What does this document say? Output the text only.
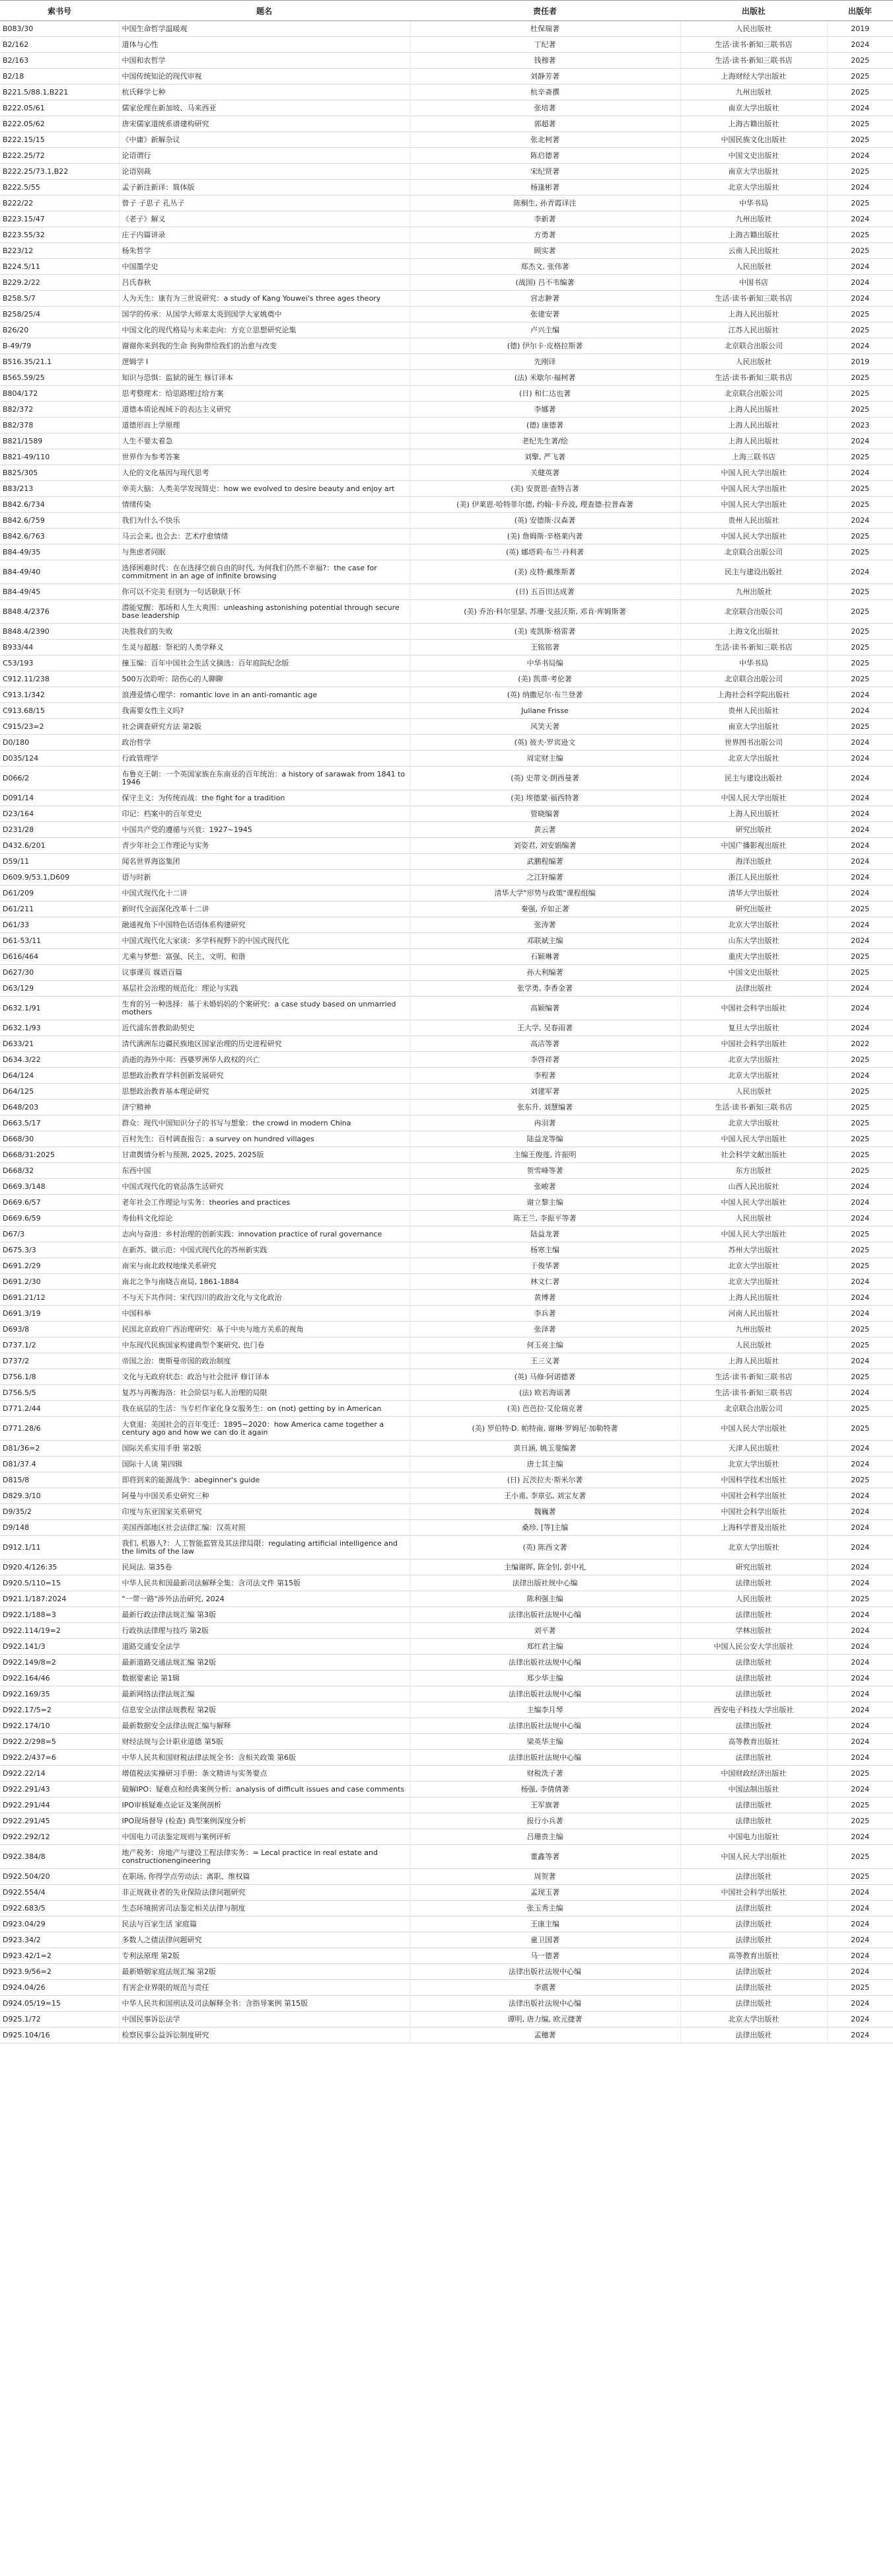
索书号	题名	责任者	出版社	出版年
B083/30	中国生命哲学温暖观	杜保瑞著	人民出版社	2019
B2/162	道体与心性	丁纪著	生活·读书·新知三联书店	2024
B2/163	中国和农哲学	钱穆著	生活·读书·新知三联书店	2025
B2/18	中国传统知论的现代审视	刘静芳著	上海财经大学出版社	2025
B221.5/88.1,B221	杭氏释学七种	杭辛斋撰	九州出版社	2025
B222.05/61	儒家伦理在新加坡、马来西亚	张培著	南京大学出版社	2024
B222.05/62	唐宋儒家道统系谱建构研究	郭超著	上海古籍出版社	2025
B222.15/15	《中庸》新解杂议	张北柯著	中国民族文化出版社	2025
B222.25/72	论语谓行	陈启德著	中国文史出版社	2024
B222.25/73.1,B22	论语别裁	宋纪贤著	南京大学出版社	2025
B222.5/55	孟子新注新译：简体版	杨逢彬著	北京大学出版社	2024
B222/22	曾子 子思子 孔丛子	陈桐生, 孙青霞译注	中华书局	2025
B223.15/47	《老子》解义	李新著	九州出版社	2024
B223.55/32	庄子内篇讲录	方勇著	上海古籍出版社	2025
B223/12	杨朱哲学	顾实著	云南人民出版社	2025
B224.5/11	中国墨学史	郑杰文, 张伟著	人民出版社	2024
B229.2/22	吕氏春秋	(战国) 吕不韦编著	中国书店	2024
B258.5/7	人为天生：康有为三世说研究：a study of Kang Youwei's three ages theory	宫志翀著	生活·读书·新知三联书店	2024
B258/25/4	国学的传承：从国学大师章太炎到国学大家姚奠中	张建安著	上海人民出版社	2025
B26/20	中国文化的现代格局与未来走向：方克立思想研究论集	卢兴主编	江苏人民出版社	2025
B-49/79	谢谢你来到我的生命 狗狗带给我们的治愈与改变	(德) 伊尔卡·皮格拉斯著	北京联合出版公司	2024
B516.35/21.1	逻辑学 I	先刚译	人民出版社	2019
B565.59/25	知识与恐惧：监狱的诞生 修订译本	(法) 米歇尔·福柯著	生活·读书·新知三联书店	2025
B804/172	思考整理术：给思路理过给方案	(日) 和仁达也著	北京联合出版公司	2025
B82/372	道德本质论视域下的表达主义研究	李娜著	上海人民出版社	2025
B82/378	道德形而上学原理	(德) 康德著	上海人民出版社	2023
B821/1589	人生不要太着急	老纪先生著/绘	上海人民出版社	2024
B821-49/110	世界作为参考答案	刘擎, 严飞著	上海三联书店	2025
B825/305	人伦的文化基因与现代思考	关健英著	中国人民大学出版社	2024
B83/213	幸美大脑：人类美学发现简史：how we evolved to desire beauty and enjoy art	(美) 安贾恩·查特吉著	中国人民大学出版社	2025
B842.6/734	情绪传染	(美) 伊莱恩·哈特菲尔德, 约翰·卡乔波, 理查德·拉普森著	中国人民大学出版社	2025
B842.6/759	我们为什么不快乐	(英) 安德斯·汉森著	贵州人民出版社	2024
B842.6/763	马云会来, 也会去：艺术疗愈情绪	(美) 詹姆斯·辛格莱内著	中国人民大学出版社	2025
B84-49/35	与焦虑者同眠	(英) 娜塔莉·布兰·丹利著	北京联合出版公司	2025
B84-49/40	选择困难时代：在在选择空前自由的时代, 为何我们仍然不幸福?：the case for commitment in an age of infinite browsing	(美) 皮特·戴维斯著	民主与建设出版社	2024
B84-49/45	你可以不完美 但别为一句话耿耿于怀	(日) 五百田达成著	九州出版社	2025
B848.4/2376	潜能觉醒：那场和人生大爽围：unleashing astonishing potential through secure base leadership	(美) 乔治·科尔里瑟, 苏珊·戈兹沃斯, 邓肯·库姆斯著	北京联合出版公司	2025
B848.4/2390	决胜我们的失败	(美) 麦凯斯·格雷著	上海文化出版社	2025
B933/44	生灵与超越：祭祀的人类学释义	王铭铭著	生活·读书·新知三联书店	2025
C53/193	撞玉编：百年中国社会生活文摘选：百年庭院纪念版	中华书局编	中华书局	2025
C912.11/238	500万次聆听：陪伤心的人聊聊	(美) 凯蒂·考伦著	北京联合出版公司	2025
C913.1/342	浪漫爱情心理学：romantic love in an anti-romantic age	(英) 纳撒尼尔·布兰登著	上海社会科学院出版社	2024
C913.68/15	我需要女性主义吗?	Juliane Frisse	贵州人民出版社	2024
C915/23=2	社会调查研究方法 第2版	风笑天著	南京大学出版社	2025
D0/180	政治哲学	(英) 彼夫·罗宾逊文	世界图书出版公司	2024
D035/124	行政管理学	周定财主编	北京大学出版社	2024
D066/2	布鲁克王朝：一个英国家族在东南亚的百年统治：a history of sarawak from 1841 to 1946	(英) 史蒂文·朗西曼著	民主与建设出版社	2024
D091/14	保守主义：为传统而战：the fight for a tradition	(美) 埃德蒙·福西特著	中国人民大学出版社	2024
D23/164	印记：档案中的百年党史	管晓编著	上海人民出版社	2024
D231/28	中国共产党的遵循与兴衰：1927~1945	黄云著	研究出版社	2024
D432.6/201	青少年社会工作理论与实务	刘姿君, 刘安娟编著	中国广播影视出版社	2024
D59/11	闻名世界海盗集团	武鹏程编著	海洋出版社	2024
D609.9/53.1,D609	语与时新	之江轩编著	浙江人民出版社	2024
D61/209	中国式现代化十二讲	清华大学"形势与政策"课程组编	清华大学出版社	2024
D61/211	新时代全面深化改革十二讲	秦强, 乔如正著	研究出版社	2025
D61/33	融通视角下中国特色话语体系构建研究	张涛著	北京大学出版社	2024
D61-53/11	中国式现代化大家谈：多学科视野下的中国式现代化	邓联斌主编	山东大学出版社	2024
D616/464	尤乘与梦想：富强、民主、文明、和谐	石颖琳著	重庆大学出版社	2025
D627/30	议事课页 媒语百篇	孙大利编著	中国文史出版社	2025
D63/129	基层社会治理的规范化：理论与实践	张学勇, 李香金著	法律出版社	2024
D632.1/91	生育的另一种选择：基于未婚妈妈的个案研究：a case study based on unmarried mothers	高颖编著	中国社会科学出版社	2024
D632.1/93	近代浦东普教助助契史	王大学, 吴春雨著	复旦大学出版社	2024
D633/21	清代满洲东边疆民族地区国家治理的历史进程研究	高洁等著	中国社会科学出版社	2022
D634.3/22	消逝的海外中邦：西婆罗洲华人政权的兴亡	李啓祥著	北京大学出版社	2025
D64/124	思想政治教育学科创新发展研究	李程著	北京大学出版社	2024
D64/125	思想政治教育基本理论研究	刘建军著	人民出版社	2025
D648/203	济宁精神	张东升, 刘慧编著	生活·读书·新知三联书店	2025
D663.5/17	群众：现代中国知识分子的书写与想象：the crowd in modern China	冉羽著	北京大学出版社	2025
D668/30	百村先生：百村调查报告：a survey on hundred villages	陆益龙等编	中国人民大学出版社	2025
D668/31:2025	甘肃舆情分析与预测, 2025, 2025, 2025版	主编王俊莲, 许振明	社会科学文献出版社	2025
D668/32	东西中国	贺雪峰等著	东方出版社	2025
D669.3/148	中国式现代化的衰品落生活研究	张峻著	山西人民出版社	2024
D669.6/57	老年社会工作理论与实务：theories and practices	谢立黎主编	中国人民大学出版社	2024
D669.6/59	寿仙科文化综论	陈王兰, 李振平等著	人民出版社	2024
D67/3	志向与奋进：乡村治理的创新实践：innovation practice of rural governance	陆益龙著	中国人民大学出版社	2025
D675.3/3	在新苏、做示范：中国式现代化的苏州新实践	杨寒主编	苏州大学出版社	2025
D691.2/29	南宋与南北政权地缘关系研究	于俊华著	北京大学出版社	2025
D691.2/30	南北之争与南晓吉南局, 1861-1884	林文仁著	北京大学出版社	2024
D691.21/12	不与天下共作同：宋代四川的政治文化与文化政治	黄博著	上海人民出版社	2024
D691.3/19	中国科举	李兵著	河南人民出版社	2024
D693/8	民国北京政府广西治理研究：基于中央与地方关系的视角	张泽著	九州出版社	2025
D737.1/2	中东现代民族国家构建典型个案研究, 也门卷	何玉亮主编	人民出版社	2025
D737/2	帝国之治：奥斯曼帝国的政治制度	王三义著	上海人民出版社	2024
D756.1/8	文化与无政府状态：政治与社会批评 修订译本	(英) 马修·阿诺德著	生活·读书·新知三联书店	2025
D756.5/5	复苏与再衡海洛：社会阶层与私人治理的局限	(法) 欧若海谣著	生活·读书·新知三联书店	2024
D771.2/44	我在底层的生活：当专栏作家化身女服务生：on (not) getting by in American	(美) 芭芭拉·艾伦瑞克著	北京联合出版公司	2025
D771.28/6	大衰退：美国社会的百年变迁：1895~2020：how America came together a century ago and how we can do it again	(美) 罗伯特·D. 帕特南, 谢琳·罗姆尼·加勒特著	中国人民大学出版社	2025
D81/36=2	国际关系实用手册 第2版	黄日涵, 姚玉斐编著	天津人民出版社	2024
D81/37.4	国际十人谈 第四辑	唐士其主编	北京大学出版社	2024
D815/8	即将到来的能源战争：abeginner's guide	(日) 瓦茨拉夫·斯米尔著	中国科学技术出版社	2025
D829.3/10	阿曼与中国关系史研究三种	王小甫, 李章弘, 刘宝友著	中国社会科学出版社	2024
D9/35/2	印度与东亚国家关系研究	魏巍著	中国社会科学出版社	2024
D9/148	美国西部地区社会法律汇编：汉英对照	桑珍, [等]主编	上海科学普及出版社	2024
D912.1/11	我们, 机器人?：人工智能监管及其法律局限：regulating artificial intelligence and the limits of the law	(英) 陈西文著	北京大学出版社	2024
D920.4/126:35	民间法. 第35卷	主编谢晖, 陈金钊, 彭中礼	研究出版社	2024
D920.5/110=15	中华人民共和国最新司法解释全集：含司法文件 第15版	法律出版社规中心编	法律出版社	2024
D921.1/187:2024	"一带一路"涉外法治研究, 2024	陈利强主编	人民出版社	2025
D922.1/188=3	最新行政法律法规汇编 第3版	法律出版社法规中心编	法律出版社	2024
D922.114/19=2	行政执法律理与技巧 第2版	刘平著	学林出版社	2024
D922.141/3	道路交通安全法学	郑红君主编	中国人民公安大学出版社	2024
D922.149/8=2	最新道路交通法规汇编 第2版	法律出版社法规中心编	法律出版社	2024
D922.164/46	数据要素论 第1辑	郑少华主编	法律出版社	2024
D922.169/35	最新网络法律法规汇编	法律出版社法规中心编	法律出版社	2024
D922.17/5=2	信息安全法律法规教程 第2版	主编李月琴	西安电子科技大学出版社	2024
D922.174/10	最新数据安全法律法规汇编与解释	法律出版社法规中心编	法律出版社	2024
D922.2/298=5	财经法规与会计职业道德 第5版	梁英华主编	高等教育出版社	2024
D922.2/437=6	中华人民共和国财税法律法规全书：含相关政策 第6版	法律出版社法规中心编	法律出版社	2024
D922.22/14	增值税法实操研习手册：条文精讲与实务要点	财税洗子著	中国财政经济出版社	2025
D922.291/43	破解IPO：疑难点和经典案例分析：analysis of difficult issues and case comments	杨强, 李倩倩著	中国法制出版社	2024
D922.291/44	IPO审核疑难点论证及案例剖析	王军旗著	法律出版社	2025
D922.291/45	IPO现场督导 (检查) 典型案例深度分析	报行小兵著	法律出版社	2025
D922.292/12	中国电力司法鉴定规则与案例评析	吕珊贵主编	中国电力出版社	2024
D922.384/8	地产税务：房地产与建设工程法律实务：= Lecal practice in real estate and constructionengineering	董鑫等著	中国人民大学出版社	2025
D922.504/20	在职场, 你得学点劳动法：离职、维权篇	周贺著	法律出版社	2025
D922.554/4	非正规就业者的失业保险法律问题研究	孟现玉著	中国社会科学出版社	2024
D922.683/5	生态环境损害司法鉴定相关法律与制度	张玉秀主编	法律出版社	2024
D923.04/29	民法与百家生活 家庭篇	王康主编	法律出版社	2024
D923.34/2	多数人之债法律问题研究	童卫国著	法律出版社	2024
D923.42/1=2	专利法原理 第2版	马一德著	高等教育出版社	2024
D923.9/56=2	最新婚姻家庭法规汇编 第2版	法律出版社法规中心编	法律出版社	2024
D924.04/26	有害企业界限的规范与责任	李震著	法律出版社	2025
D924.05/19=15	中华人民共和国刑法及司法解释全书：含指导案例 第15版	法律出版社法规中心编	法律出版社	2024
D925.1/72	中国民事诉讼法学	谭明, 唐力编, 欧元捷著	北京大学出版社	2024
D925.104/16	检察民事公益诉讼制度研究	孟穗著	法律出版社	2024
